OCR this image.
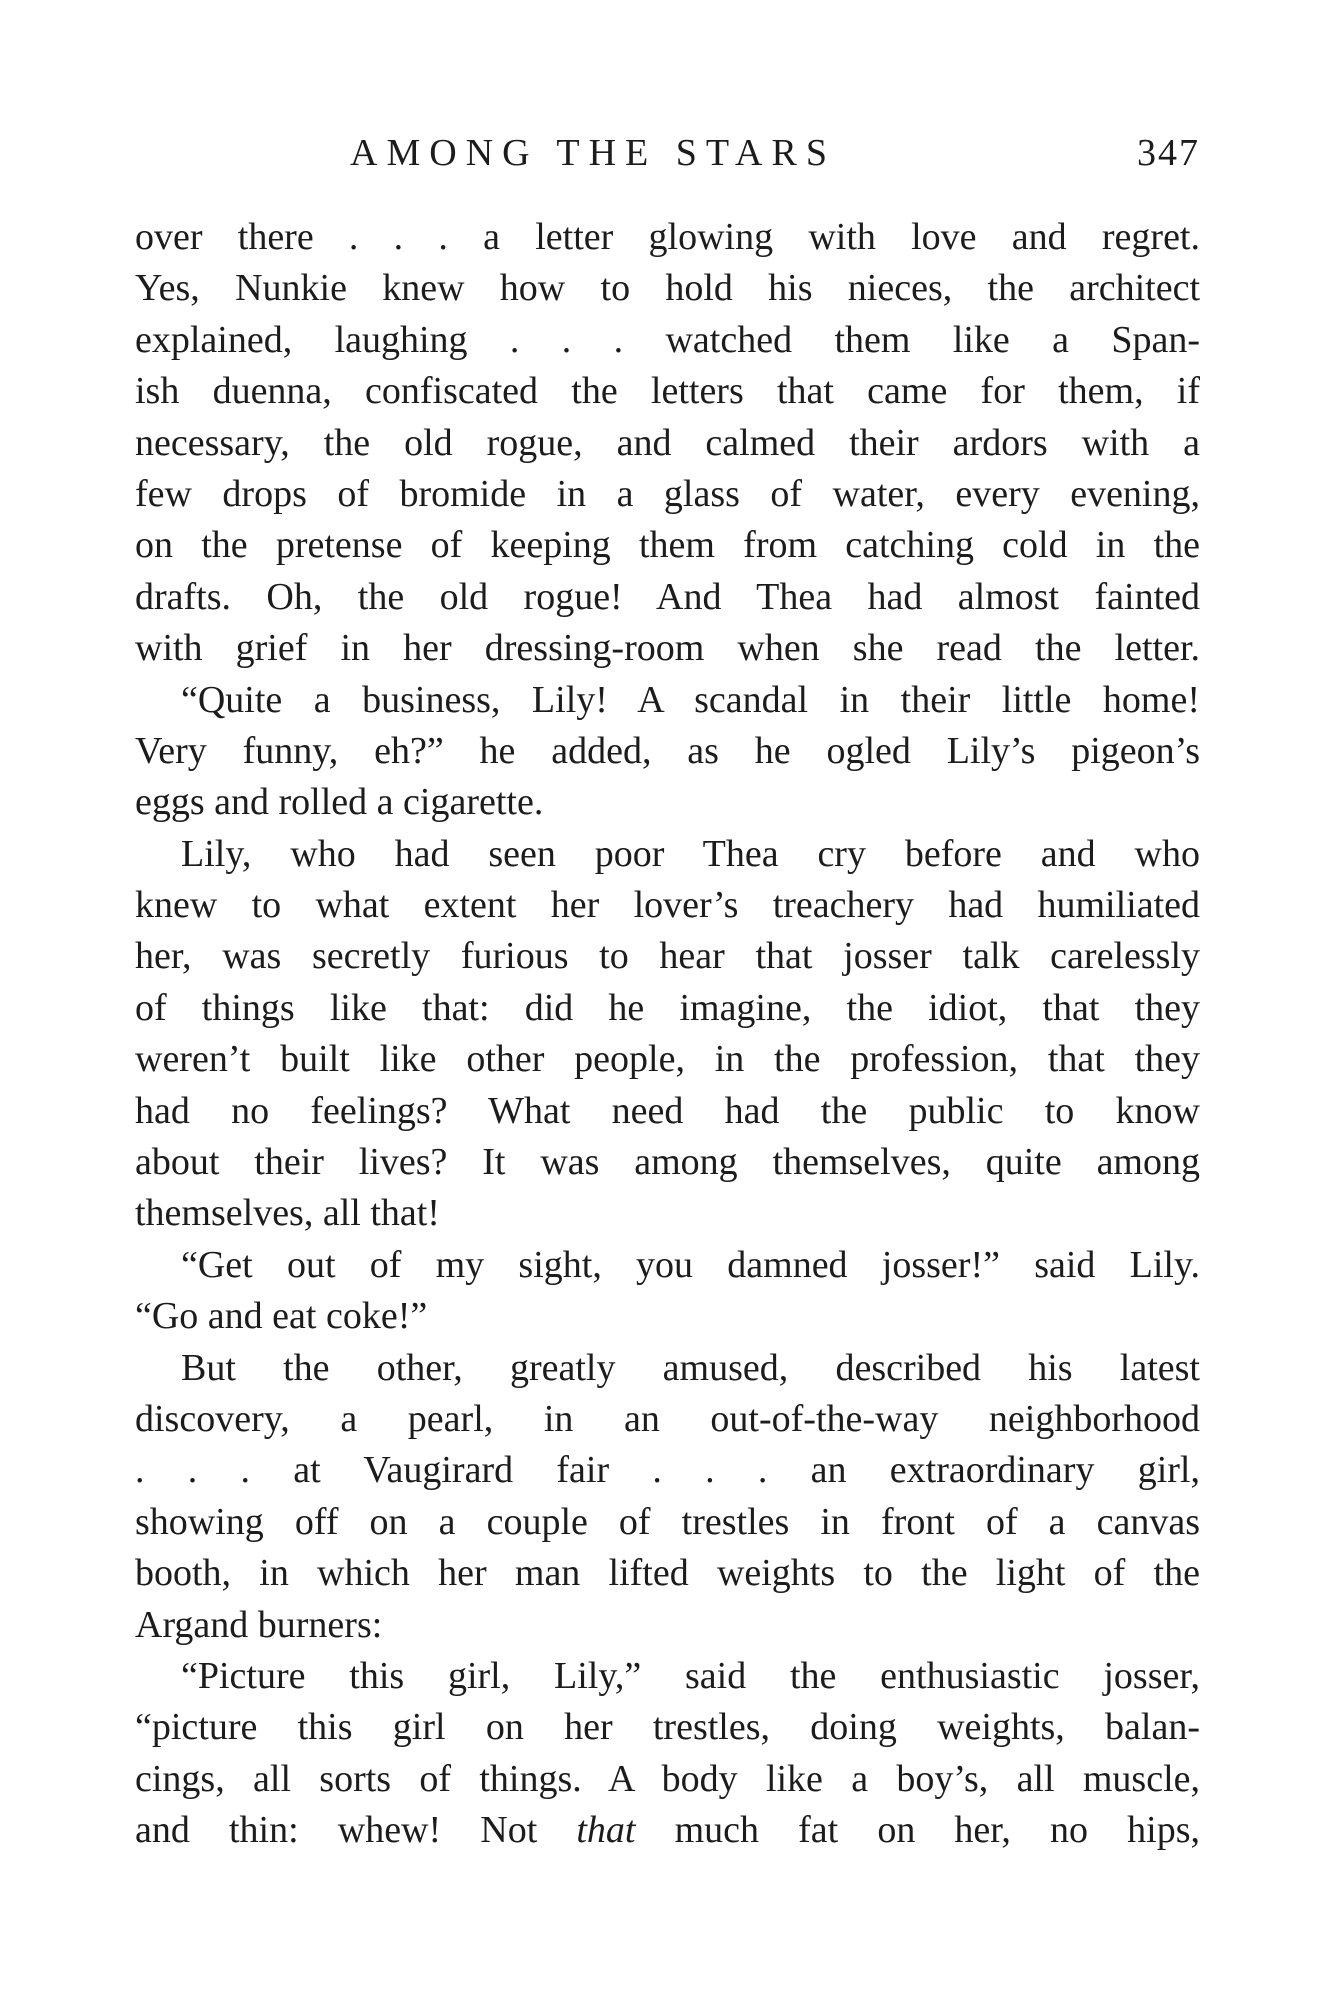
AMONG THE STARS	347
over there . . . a letter glowing with love and regret.
Yes, Nunkie knew how to hold his nieces, the architect
explained, laughing . . . watched them like a Span-
ish duenna, confiscated the letters that came for them, if
necessary, the old rogue, and calmed their ardors with a
few drops of bromide in a glass of water, every evening,
on the pretense of keeping them from catching cold in the
drafts. Oh, the old rogue! And Thea had almost fainted
with grief in her dressing-room when she read the letter.
“Quite a business, Lily! A scandal in their little home!
Very funny, eh?” he added, as he ogled Lily’s pigeon’s
eggs and rolled a cigarette.
Lily, who had seen poor Thea cry before and who
knew to what extent her lover’s treachery had humiliated
her, was secretly furious to hear that josser talk carelessly
of things like that: did he imagine, the idiot, that they
weren’t built like other people, in the profession, that they
had no feelings? What need had the public to know
about their lives? It was among themselves, quite among
themselves, all that!
“Get out of my sight, you damned josser!” said Lily.
“Go and eat coke!”
But the other, greatly amused, described his latest
discovery, a pearl, in an out-of-the-way neighborhood
. . . at Vaugirard fair . . . an extraordinary girl,
showing off on a couple of trestles in front of a canvas
booth, in which her man lifted weights to the light of the
Argand burners:
“Picture this girl, Lily,” said the enthusiastic josser,
“picture this girl on her trestles, doing weights, balan-
cings, all sorts of things. A body like a boy’s, all muscle,
and thin: whew! Not that much fat on her, no hips,
